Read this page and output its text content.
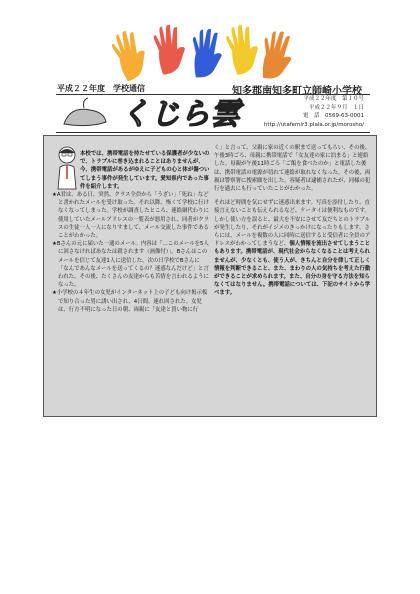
平成２２年度　学校通信	知多郡南知多町立師崎小学校
くじら雲	平成２２年度　第１０号
平成２２年９月　１日
電　話　0569-63-0001
http://utafemir3.plala.or.jp/morosho/

本校では、携帯電話を持たせている保護者が少ないので、トラブルに巻き込まれることはありませんが、今、携帯電話があるがゆえに子どもの心と体が傷ついてしまう事件が発生しています。愛知県内であった事件を紹介します。

★A君は、ある日、突然、クラス全員から「うざい」「死ね」などと書かれたメールを受け取った。それ以降、怖くて学校に行けなくなってしまった。学校が調査したところ、連絡網代わりに使用していたメールアドレスの一覧表が悪用され、同者がクラスの生徒一人一人になりすまして、メール交流した事件であることがわかった。

★Bさんの元に届いた一通のメール。内容は「…このメールを5人に回さなければあなたは殺されます（画像付）」。Bさんはこのメールを信じて友達1人に送信した。次の日学校でBさんに「なんであんなメールを送ってくるの？迷惑なんだけど」と言われた。その後、たくさんの友達からも苦情を言われるようになった。

★小学校の４年生の女児がインターネット上の子ども向け掲示板で知り合った男に誘い出され、4日間、連れ回された。女児は、行方不明になった日の朝、両親に「友達と買い物に行

く」と言って、父親に家の近くの駅まで送ってもらい、その後、午後3時ごろ、母親に携帯電話で「女友達の家に泊まる」と連絡した。母親が午後11時ごろ「ご飯を食べたのか」と電話した後は、携帯電話の電源が切れて連絡が取れなくなった。その後、両親は警察署に捜索願を出した。容疑者は逮捕されたが、同様の犯行を過去にも行っていたことがわかった。

それほど時間を気にせずに迷惑出来ます。写真を添付したり、直接言えないことも伝えられるなど、ケータイは便利なものです。しかし使い方を誤ると、最大を不安にさせて友だちとのトラブルが発生したり、それがイジメのきっかけになったりもします。さらには、メールを複数の人に同時に送信すると受信者に全員のアドレスがわかってしまうなど、個人情報を流出させてしまうこともあります。携帯電話が、現代社会からなくなることは考えられませんが、少なくとも、使う人が、きちんと自分を律して正しく情報を判断できること、また、まわりの人の気持ちを考えた行動ができることが求められます。また、自分の身を守る方法を知らなくてはなりません。携帯電話については、下記のサイトから学べます。
